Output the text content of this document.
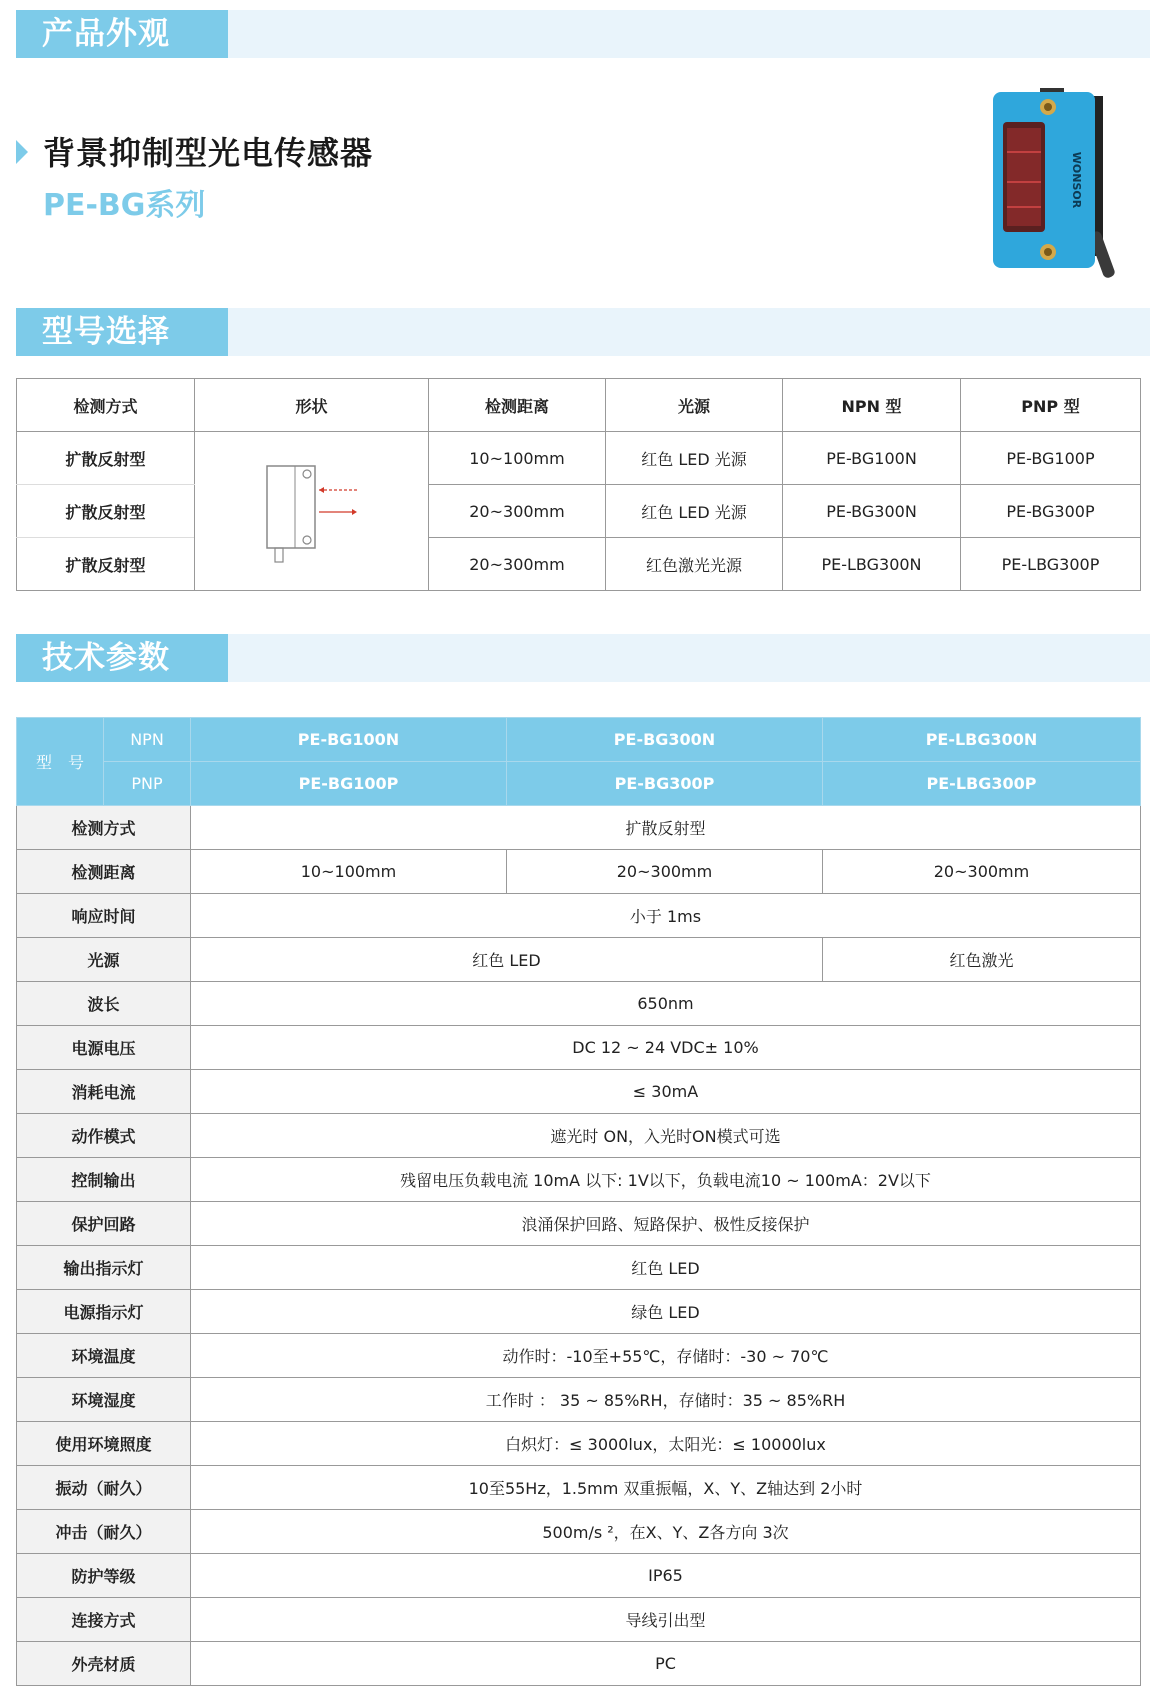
产品外观
背景抑制型光电传感器
PE-BG系列	WONSOR
型号选择
检测方式	形状	检测距离	光源	NPN 型	PNP 型
扩散反射型		10~100mm	红色 LED 光源	PE-BG100N	PE-BG100P
扩散反射型		20~300mm	红色 LED 光源	PE-BG300N	PE-BG300P
扩散反射型		20~300mm	红色激光光源	PE-LBG300N	PE-LBG300P
技术参数
型　号	NPN	PE-BG100N	PE-BG300N	PE-LBG300N
	PNP	PE-BG100P	PE-BG300P	PE-LBG300P
检测方式		扩散反射型		
检测距离		10~100mm	20~300mm	20~300mm
响应时间		小于 1ms		
光源		红色 LED		红色激光
波长		650nm		
电源电压		DC 12 ~ 24 VDC± 10%		
消耗电流		≤ 30mA		
动作模式		遮光时 ON，入光时ON模式可选		
控制输出		残留电压负载电流 10mA 以下: 1V以下，负载电流10 ~ 100mA：2V以下		
保护回路		浪涌保护回路、短路保护、极性反接保护		
输出指示灯		红色 LED		
电源指示灯		绿色 LED		
环境温度		动作时：-10至+55℃，存储时：-30 ~ 70℃		
环境湿度		工作时 ： 35 ~ 85%RH，存储时：35 ~ 85%RH		
使用环境照度		白炽灯：≤ 3000lux，太阳光：≤ 10000lux		
振动（耐久）		10至55Hz，1.5mm 双重振幅，X、Y、Z轴达到 2小时		
冲击（耐久）		500m/s ²，在X、Y、Z各方向 3次		
防护等级		IP65		
连接方式		导线引出型		
外壳材质		PC		
